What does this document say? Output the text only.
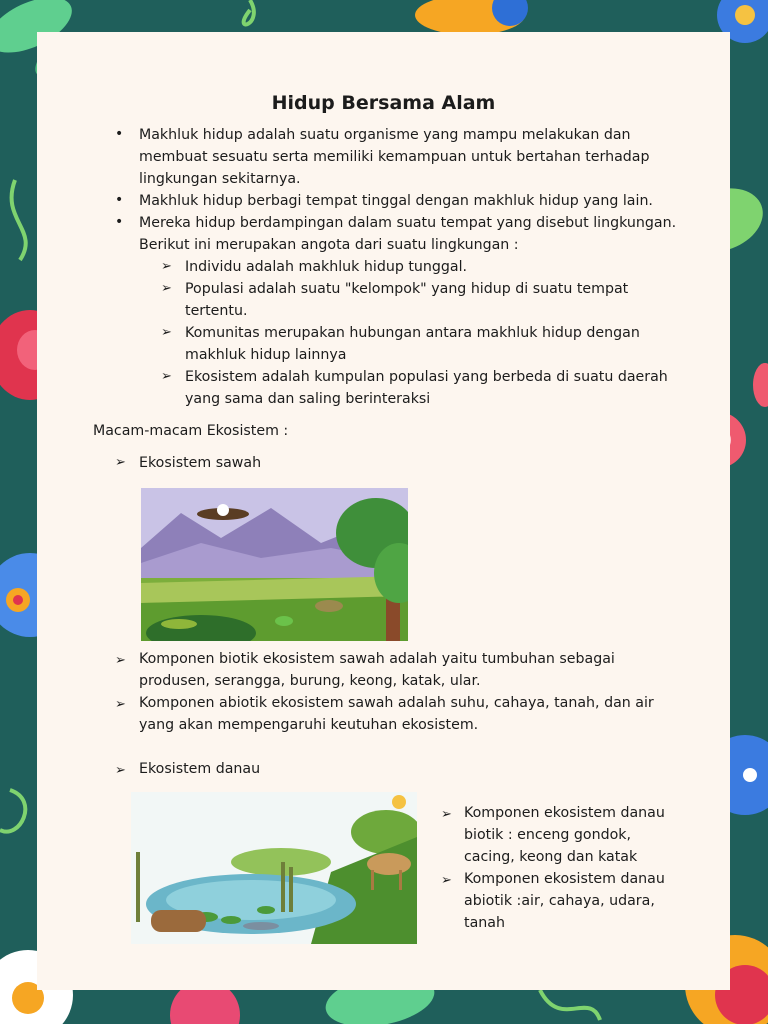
Hidup Bersama Alam
• Makhluk hidup adalah suatu organisme yang mampu melakukan dan
membuat sesuatu serta memiliki kemampuan untuk bertahan terhadap
lingkungan sekitarnya.
• Makhluk hidup berbagi tempat tinggal dengan makhluk hidup yang lain.
• Mereka hidup berdampingan dalam suatu tempat yang disebut lingkungan.
Berikut ini merupakan angota dari suatu lingkungan :
➢ Individu adalah makhluk hidup tunggal.
➢ Populasi adalah suatu "kelompok" yang hidup di suatu tempat
tertentu.
➢ Komunitas merupakan hubungan antara makhluk hidup dengan
makhluk hidup lainnya
➢ Ekosistem adalah kumpulan populasi yang berbeda di suatu daerah
yang sama dan saling berinteraksi
Macam-macam Ekosistem :
➢ Ekosistem sawah
➢ Komponen biotik ekosistem sawah adalah yaitu tumbuhan sebagai
produsen, serangga, burung, keong, katak, ular.
➢ Komponen abiotik ekosistem sawah adalah suhu, cahaya, tanah, dan air
yang akan mempengaruhi keutuhan ekosistem.
➢ Ekosistem danau
➢ Komponen ekosistem danau
biotik : enceng gondok,
cacing, keong dan katak
➢ Komponen ekosistem danau
abiotik :air, cahaya, udara,
tanah
